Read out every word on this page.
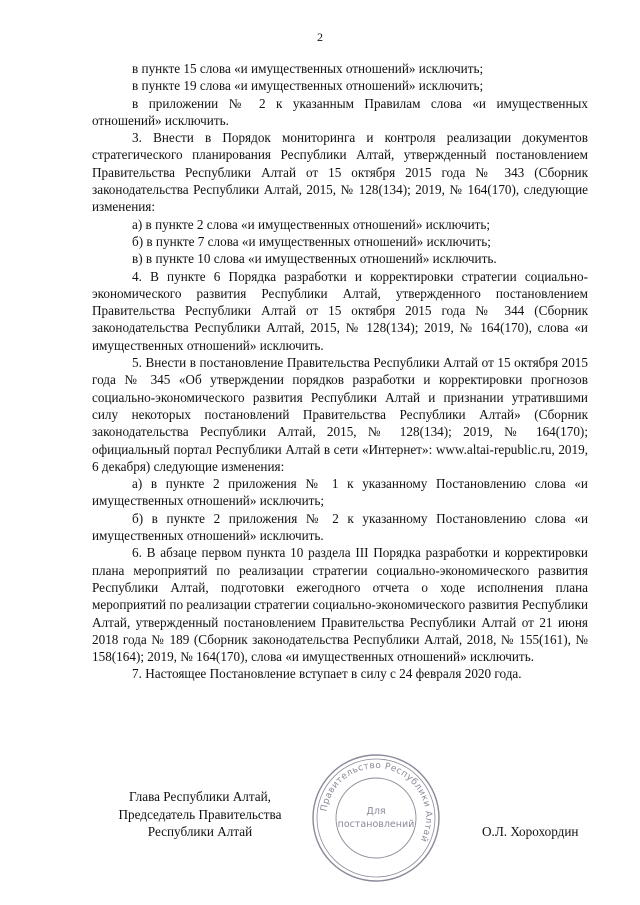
2

в пункте 15 слова «и имущественных отношений» исключить;

в пункте 19 слова «и имущественных отношений» исключить;

в приложении № 2 к указанным Правилам слова «и имущественных отношений» исключить.

3. Внести в Порядок мониторинга и контроля реализации документов стратегического планирования Республики Алтай, утвержденный постановлением Правительства Республики Алтай от 15 октября 2015 года № 343 (Сборник законодательства Республики Алтай, 2015, № 128(134); 2019, № 164(170), следующие изменения:

а) в пункте 2 слова «и имущественных отношений» исключить;

б) в пункте 7 слова «и имущественных отношений» исключить;

в) в пункте 10 слова «и имущественных отношений» исключить.

4. В пункте 6 Порядка разработки и корректировки стратегии социально-экономического развития Республики Алтай, утвержденного постановлением Правительства Республики Алтай от 15 октября 2015 года № 344 (Сборник законодательства Республики Алтай, 2015, № 128(134); 2019, № 164(170), слова «и имущественных отношений» исключить.

5. Внести в постановление Правительства Республики Алтай от 15 октября 2015 года № 345 «Об утверждении порядков разработки и корректировки прогнозов социально-экономического развития Республики Алтай и признании утратившими силу некоторых постановлений Правительства Республики Алтай» (Сборник законодательства Республики Алтай, 2015, № 128(134); 2019, № 164(170); официальный портал Республики Алтай в сети «Интернет»: www.altai-republic.ru, 2019, 6 декабря) следующие изменения:

а) в пункте 2 приложения № 1 к указанному Постановлению слова «и имущественных отношений» исключить;

б) в пункте 2 приложения № 2 к указанному Постановлению слова «и имущественных отношений» исключить.

6. В абзаце первом пункта 10 раздела III Порядка разработки и корректировки плана мероприятий по реализации стратегии социально-экономического развития Республики Алтай, подготовки ежегодного отчета о ходе исполнения плана мероприятий по реализации стратегии социально-экономического развития Республики Алтай, утвержденный постановлением Правительства Республики Алтай от 21 июня 2018 года № 189 (Сборник законодательства Республики Алтай, 2018, № 155(161), № 158(164); 2019, № 164(170), слова «и имущественных отношений» исключить.

7. Настоящее Постановление вступает в силу с 24 февраля 2020 года.

Глава Республики Алтай,
Председатель Правительства
Республики Алтай
Правительство Республики Алтай
Для
постановлений	О.Л. Хорохордин
